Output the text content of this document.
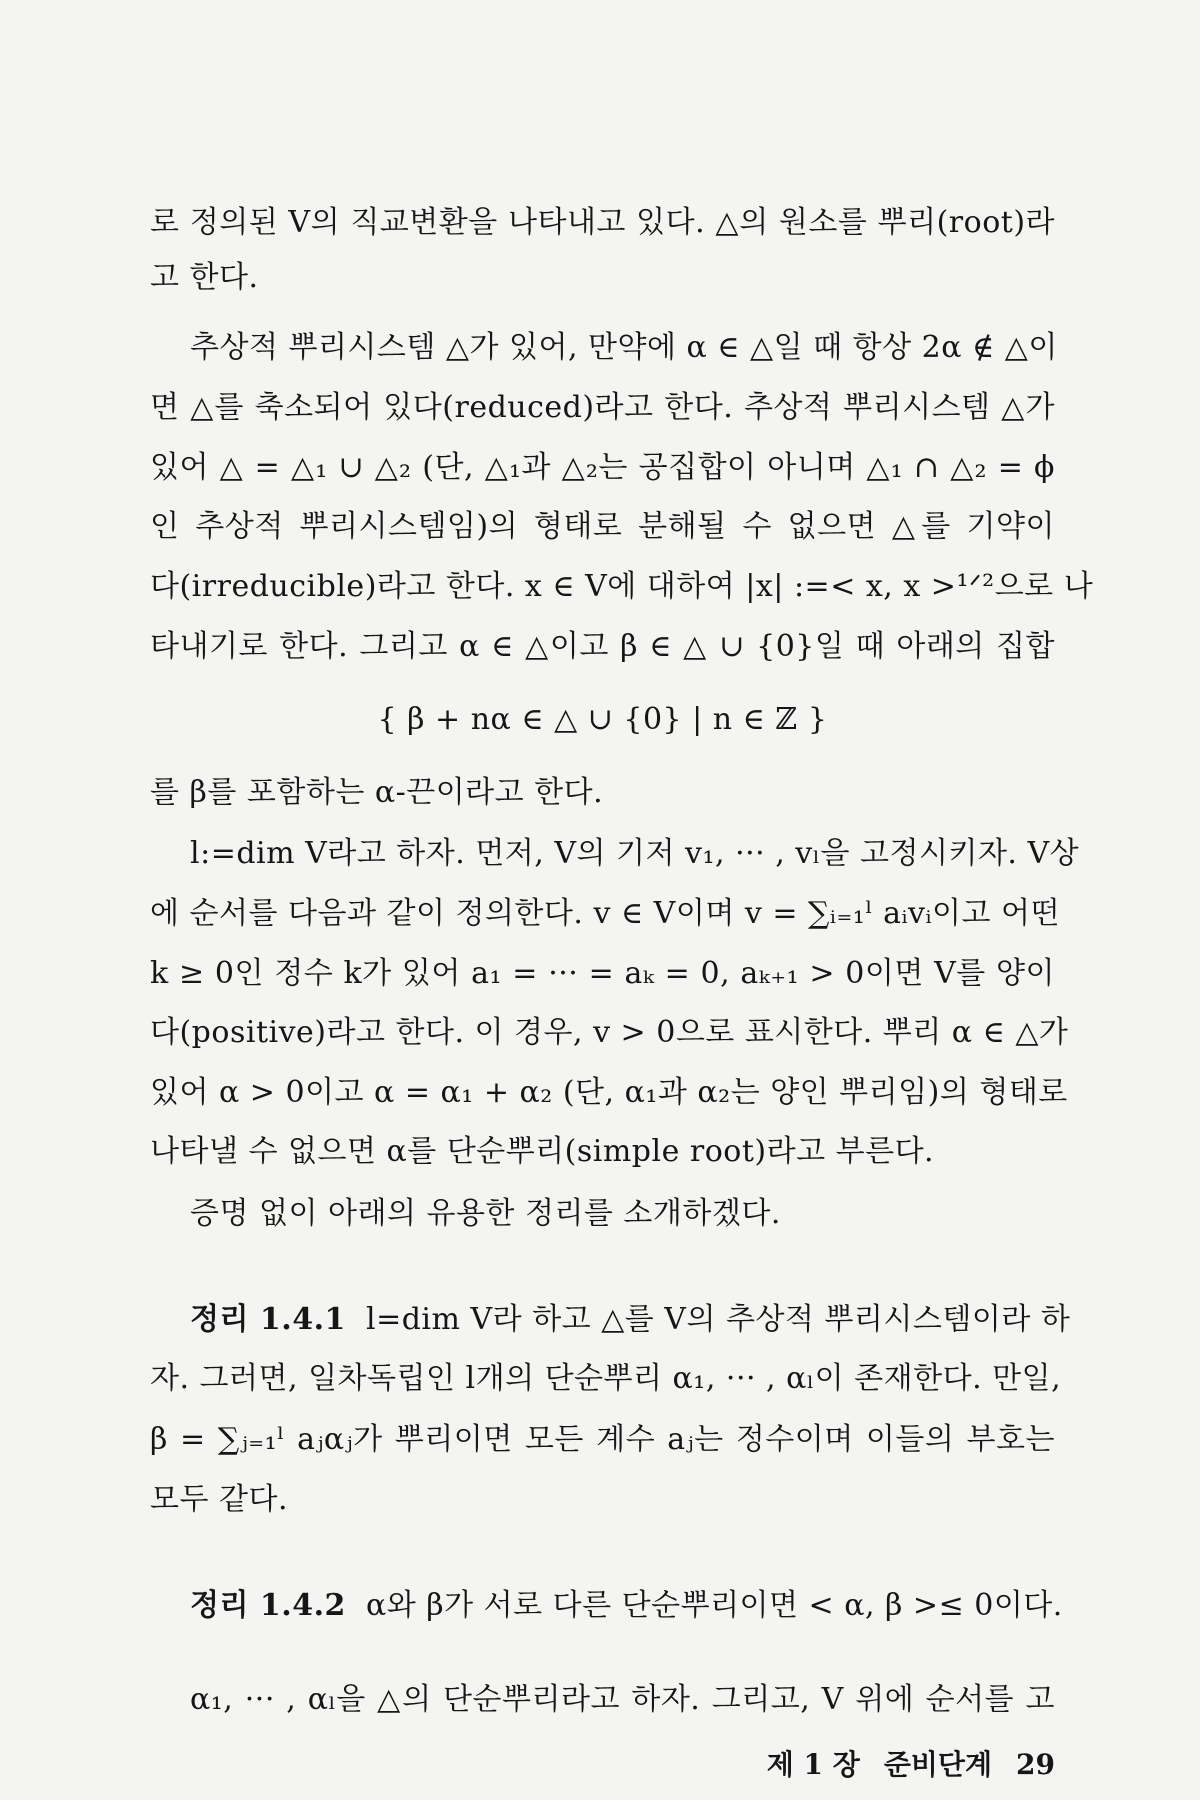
로 정의된 V의 직교변환을 나타내고 있다. △의 원소를 뿌리(root)라
고 한다.
추상적 뿌리시스템 △가 있어, 만약에 α ∈ △일 때 항상 2α ∉ △이
면 △를 축소되어 있다(reduced)라고 한다. 추상적 뿌리시스템 △가
있어 △ = △₁ ∪ △₂ (단, △₁과 △₂는 공집합이 아니며 △₁ ∩ △₂ = ϕ
인 추상적 뿌리시스템임)의 형태로 분해될 수 없으면 △를 기약이
다(irreducible)라고 한다. x ∈ V에 대하여 |x| :=< x, x >¹ᐟ²으로 나
타내기로 한다. 그리고 α ∈ △이고 β ∈ △ ∪ {0}일 때 아래의 집합
{ β + nα ∈ △ ∪ {0} | n ∈ ℤ }
를 β를 포함하는 α-끈이라고 한다.
l:=dim V라고 하자. 먼저, V의 기저 v₁, ··· , vₗ을 고정시키자. V상
에 순서를 다음과 같이 정의한다. v ∈ V이며 v = ∑ᵢ₌₁ˡ aᵢvᵢ이고 어떤
k ≥ 0인 정수 k가 있어 a₁ = ··· = aₖ = 0, aₖ₊₁ > 0이면 V를 양이
다(positive)라고 한다. 이 경우, v > 0으로 표시한다. 뿌리 α ∈ △가
있어 α > 0이고 α = α₁ + α₂ (단, α₁과 α₂는 양인 뿌리임)의 형태로
나타낼 수 없으면 α를 단순뿌리(simple root)라고 부른다.
증명 없이 아래의 유용한 정리를 소개하겠다.
정리 1.4.1 l=dim V라 하고 △를 V의 추상적 뿌리시스템이라 하
자. 그러면, 일차독립인 l개의 단순뿌리 α₁, ··· , αₗ이 존재한다. 만일,
β = ∑ⱼ₌₁ˡ aⱼαⱼ가 뿌리이면 모든 계수 aⱼ는 정수이며 이들의 부호는
모두 같다.
정리 1.4.2 α와 β가 서로 다른 단순뿌리이면 < α, β >≤ 0이다.
α₁, ··· , αₗ을 △의 단순뿌리라고 하자. 그리고, V 위에 순서를 고
제 1 장 준비단계 29
